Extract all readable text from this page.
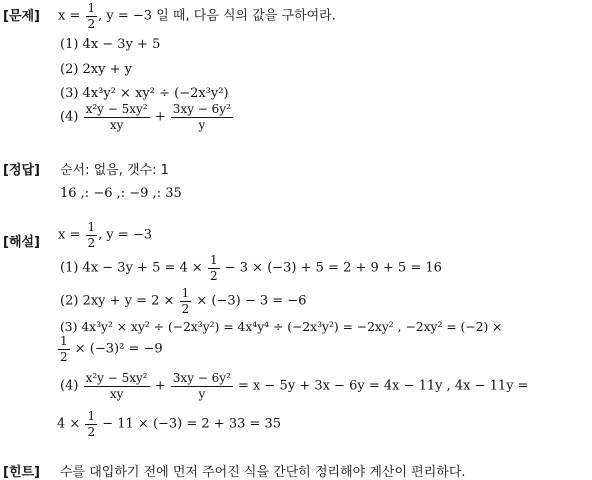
[문제] $x = \frac{1}{2}$ , y = −3 일 때, 다음 식의 값을 구하여라.
(1) 4x − 3y + 5
(2) 2xy + y
(3) 4x³y² × xy² ÷ (−2x³y²)
$(4) \frac{\text{x²y − 5xy²}}{xy} + \frac{\text{3xy − 6y²}}{y}$
[정답] 순서: 없음, 갯수: 1
16 ,: −6 ,: −9 ,: 35
[해설] $x = \frac{1}{2}$ , y = −3
(1) $4x - 3y + 5 = 4 \times \frac{1}{2} - 3 \times (-3) + 5 = 2 + 9 + 5 = 16$
(2) $2xy + y = 2 \times \frac{1}{2} \times (-3) - 3 = -6$
(3) 4x³y² × xy² ÷ (−2x³y²) = 4x⁴y⁴ ÷ (−2x³y²) = −2xy² , −2xy² = (−2) ×
$\frac{1}{2} \times (-3)^2 = -9$
$(4) \frac{\text{x²y − 5xy²}}{xy} + \frac{\text{3xy − 6y²}}{y} = x - 5y + 3x - 6y = 4x - 11y$ , 4x − 11y =
$4 \times \frac{1}{2} - 11 \times (-3) = 2 + 33 = 35$
[힌트] 수를 대입하기 전에 먼저 주어진 식을 간단히 정리해야 계산이 편리하다.
